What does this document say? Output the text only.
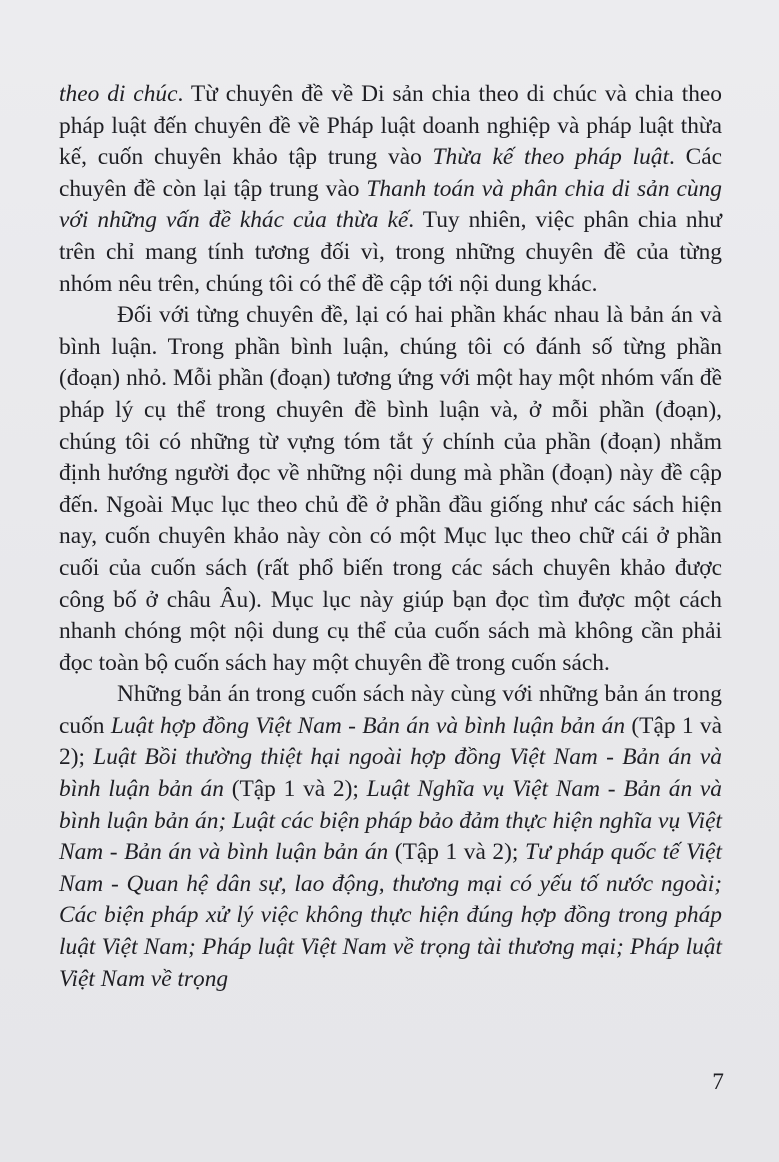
theo di chúc. Từ chuyên đề về Di sản chia theo di chúc và chia theo pháp luật đến chuyên đề về Pháp luật doanh nghiệp và pháp luật thừa kế, cuốn chuyên khảo tập trung vào Thừa kế theo pháp luật. Các chuyên đề còn lại tập trung vào Thanh toán và phân chia di sản cùng với những vấn đề khác của thừa kế. Tuy nhiên, việc phân chia như trên chỉ mang tính tương đối vì, trong những chuyên đề của từng nhóm nêu trên, chúng tôi có thể đề cập tới nội dung khác.

Đối với từng chuyên đề, lại có hai phần khác nhau là bản án và bình luận. Trong phần bình luận, chúng tôi có đánh số từng phần (đoạn) nhỏ. Mỗi phần (đoạn) tương ứng với một hay một nhóm vấn đề pháp lý cụ thể trong chuyên đề bình luận và, ở mỗi phần (đoạn), chúng tôi có những từ vựng tóm tắt ý chính của phần (đoạn) nhằm định hướng người đọc về những nội dung mà phần (đoạn) này đề cập đến. Ngoài Mục lục theo chủ đề ở phần đầu giống như các sách hiện nay, cuốn chuyên khảo này còn có một Mục lục theo chữ cái ở phần cuối của cuốn sách (rất phổ biến trong các sách chuyên khảo được công bố ở châu Âu). Mục lục này giúp bạn đọc tìm được một cách nhanh chóng một nội dung cụ thể của cuốn sách mà không cần phải đọc toàn bộ cuốn sách hay một chuyên đề trong cuốn sách.

Những bản án trong cuốn sách này cùng với những bản án trong cuốn Luật hợp đồng Việt Nam - Bản án và bình luận bản án (Tập 1 và 2); Luật Bồi thường thiệt hại ngoài hợp đồng Việt Nam - Bản án và bình luận bản án (Tập 1 và 2); Luật Nghĩa vụ Việt Nam - Bản án và bình luận bản án; Luật các biện pháp bảo đảm thực hiện nghĩa vụ Việt Nam - Bản án và bình luận bản án (Tập 1 và 2); Tư pháp quốc tế Việt Nam - Quan hệ dân sự, lao động, thương mại có yếu tố nước ngoài; Các biện pháp xử lý việc không thực hiện đúng hợp đồng trong pháp luật Việt Nam; Pháp luật Việt Nam về trọng tài thương mại; Pháp luật Việt Nam về trọng

7
